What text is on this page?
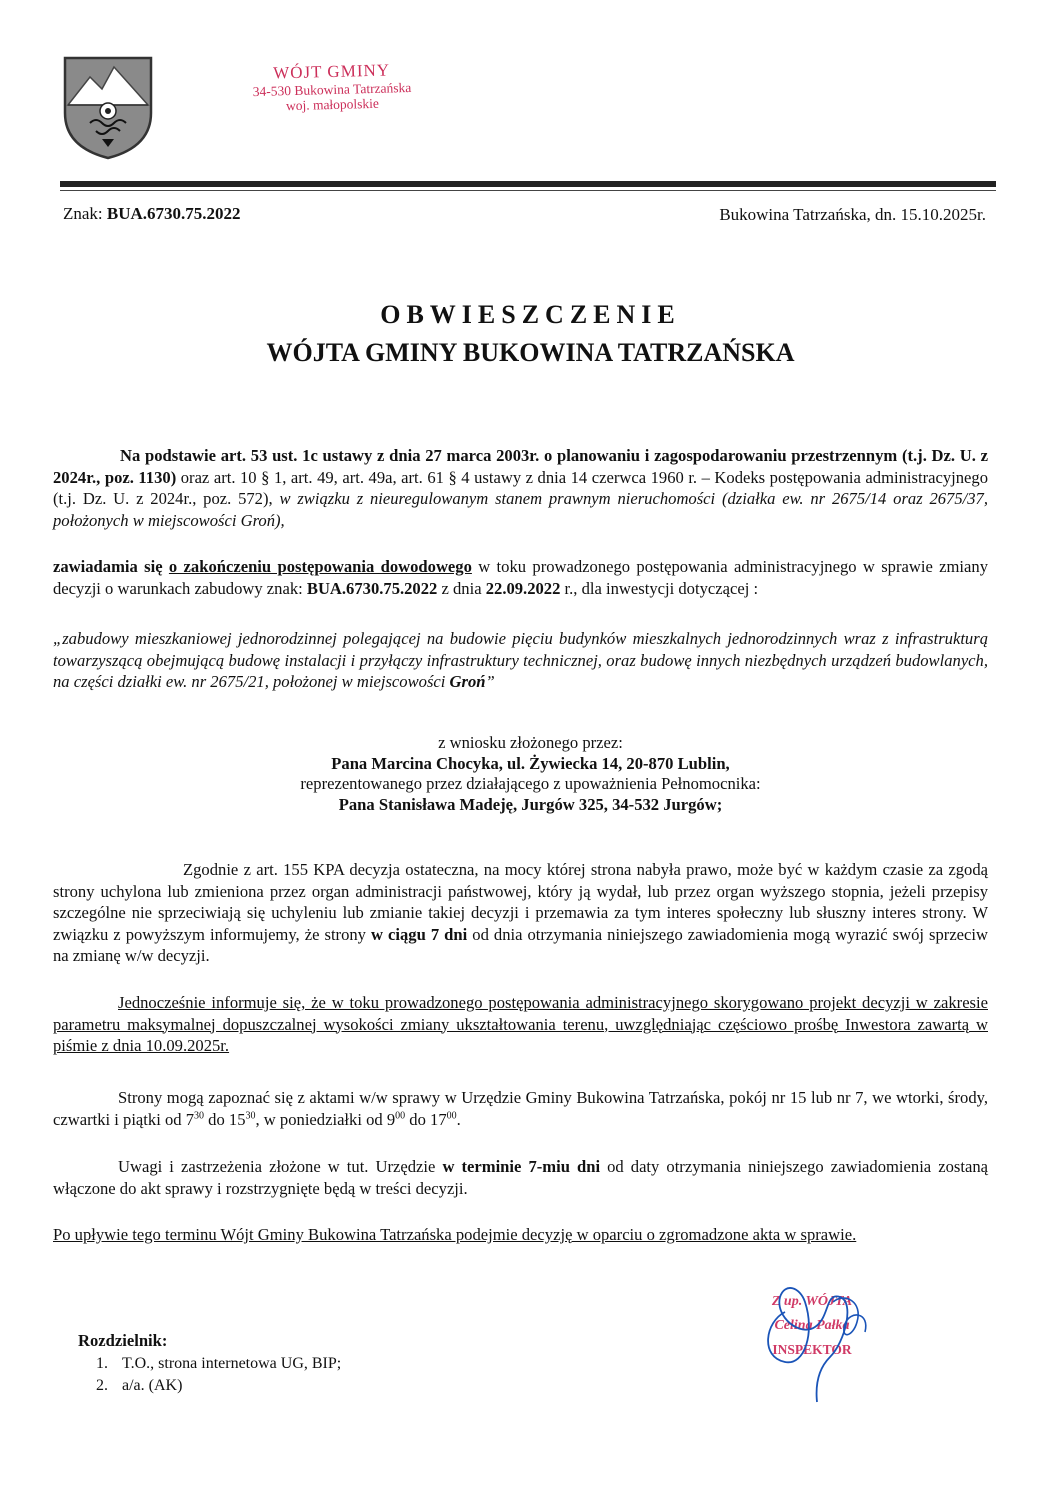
WÓJT GMINY
34-530 Bukowina Tatrzańska
woj. małopolskie
Znak: BUA.6730.75.2022	Bukowina Tatrzańska, dn. 15.10.2025r.
OBWIESZCZENIE
WÓJTA GMINY BUKOWINA TATRZAŃSKA
Na podstawie art. 53 ust. 1c ustawy z dnia 27 marca 2003r. o planowaniu i zagospodarowaniu przestrzennym (t.j. Dz. U. z 2024r., poz. 1130) oraz art. 10 § 1, art. 49, art. 49a, art. 61 § 4 ustawy z dnia 14 czerwca 1960 r. – Kodeks postępowania administracyjnego (t.j. Dz. U. z 2024r., poz. 572), w związku z nieuregulowanym stanem prawnym nieruchomości (działka ew. nr 2675/14 oraz 2675/37, położonych w miejscowości Groń),
zawiadamia się o zakończeniu postępowania dowodowego w toku prowadzonego postępowania administracyjnego w sprawie zmiany decyzji o warunkach zabudowy znak: BUA.6730.75.2022 z dnia 22.09.2022 r., dla inwestycji dotyczącej :
„zabudowy mieszkaniowej jednorodzinnej polegającej na budowie pięciu budynków mieszkalnych jednorodzinnych wraz z infrastrukturą towarzyszącą obejmującą budowę instalacji i przyłączy infrastruktury technicznej, oraz budowę innych niezbędnych urządzeń budowlanych, na części działki ew. nr 2675/21, położonej w miejscowości Groń”
z wniosku złożonego przez:
Pana Marcina Chocyka, ul. Żywiecka 14, 20-870 Lublin,
reprezentowanego przez działającego z upoważnienia Pełnomocnika:
Pana Stanisława Madeję, Jurgów 325, 34-532 Jurgów;
Zgodnie z art. 155 KPA decyzja ostateczna, na mocy której strona nabyła prawo, może być w każdym czasie za zgodą strony uchylona lub zmieniona przez organ administracji państwowej, który ją wydał, lub przez organ wyższego stopnia, jeżeli przepisy szczególne nie sprzeciwiają się uchyleniu lub zmianie takiej decyzji i przemawia za tym interes społeczny lub słuszny interes strony. W związku z powyższym informujemy, że strony w ciągu 7 dni od dnia otrzymania niniejszego zawiadomienia mogą wyrazić swój sprzeciw na zmianę w/w decyzji.
Jednocześnie informuje się, że w toku prowadzonego postępowania administracyjnego skorygowano projekt decyzji w zakresie parametru maksymalnej dopuszczalnej wysokości zmiany ukształtowania terenu, uwzględniając częściowo prośbę Inwestora zawartą w piśmie z dnia 10.09.2025r.
Strony mogą zapoznać się z aktami w/w sprawy w Urzędzie Gminy Bukowina Tatrzańska, pokój nr 15 lub nr 7, we wtorki, środy, czwartki i piątki od $7^{30}$ do $15^{30}$, w poniedziałki od $9^{00}$ do $17^{00}$.
Uwagi i zastrzeżenia złożone w tut. Urzędzie w terminie 7-miu dni od daty otrzymania niniejszego zawiadomienia zostaną włączone do akt sprawy i rozstrzygnięte będą w treści decyzji.
Po upływie tego terminu Wójt Gminy Bukowina Tatrzańska podejmie decyzję w oparciu o zgromadzone akta w sprawie.
Z up. WÓJTA
Celina Pałka
INSPEKTOR
Rozdzielnik:
1. T.O., strona internetowa UG, BIP;
2. a/a. (AK)
